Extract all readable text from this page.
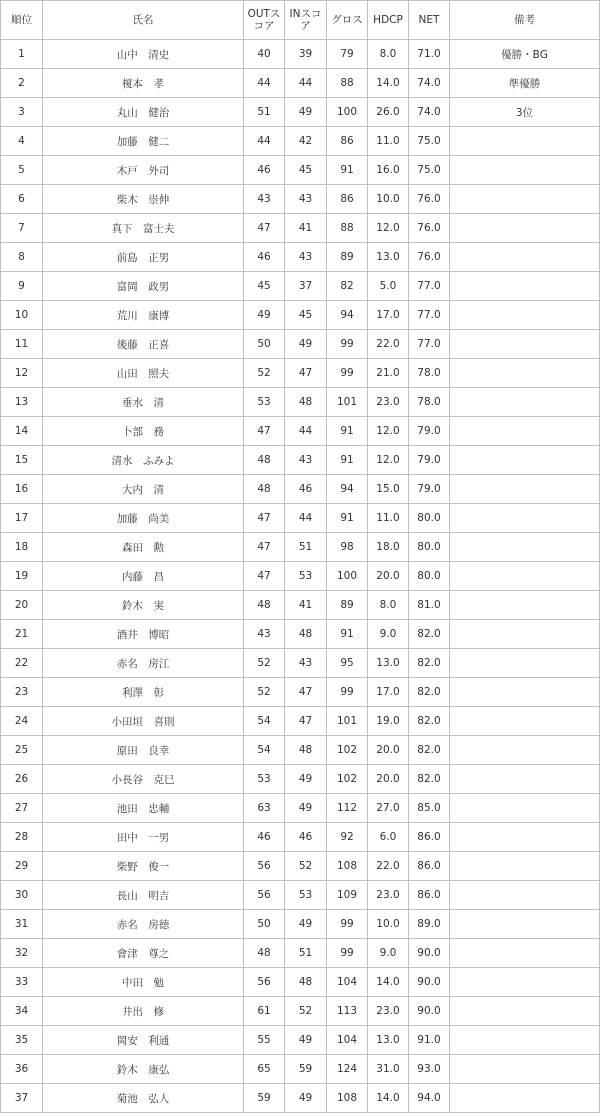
順位	氏名	OUTスコア	INスコア	グロス	HDCP	NET	備考
1	山中　清史	40	39	79	8.0	71.0	優勝・BG
2	榎本　孝	44	44	88	14.0	74.0	準優勝
3	丸山　健治	51	49	100	26.0	74.0	3位
4	加藤　健二	44	42	86	11.0	75.0	
5	木戸　外司	46	45	91	16.0	75.0	
6	柴木　崇伸	43	43	86	10.0	76.0	
7	真下　富士夫	47	41	88	12.0	76.0	
8	前島　正男	46	43	89	13.0	76.0	
9	富岡　政男	45	37	82	5.0	77.0	
10	荒川　康博	49	45	94	17.0	77.0	
11	後藤　正喜	50	49	99	22.0	77.0	
12	山田　照夫	52	47	99	21.0	78.0	
13	垂水　清	53	48	101	23.0	78.0	
14	卜部　務	47	44	91	12.0	79.0	
15	清水　ふみよ	48	43	91	12.0	79.0	
16	大内　清	48	46	94	15.0	79.0	
17	加藤　尚美	47	44	91	11.0	80.0	
18	森田　勲	47	51	98	18.0	80.0	
19	内藤　昌	47	53	100	20.0	80.0	
20	鈴木　実	48	41	89	8.0	81.0	
21	酒井　博昭	43	48	91	9.0	82.0	
22	赤名　房江	52	43	95	13.0	82.0	
23	利澤　彰	52	47	99	17.0	82.0	
24	小田垣　喜則	54	47	101	19.0	82.0	
25	原田　良幸	54	48	102	20.0	82.0	
26	小長谷　克巳	53	49	102	20.0	82.0	
27	池田　忠輔	63	49	112	27.0	85.0	
28	田中　一男	46	46	92	6.0	86.0	
29	柴野　俊一	56	52	108	22.0	86.0	
30	長山　明吉	56	53	109	23.0	86.0	
31	赤名　房徳	50	49	99	10.0	89.0	
32	會津　尊之	48	51	99	9.0	90.0	
33	中田　勉	56	48	104	14.0	90.0	
34	井出　修	61	52	113	23.0	90.0	
35	岡安　利通	55	49	104	13.0	91.0	
36	鈴木　康弘	65	59	124	31.0	93.0	
37	菊池　弘人	59	49	108	14.0	94.0	
